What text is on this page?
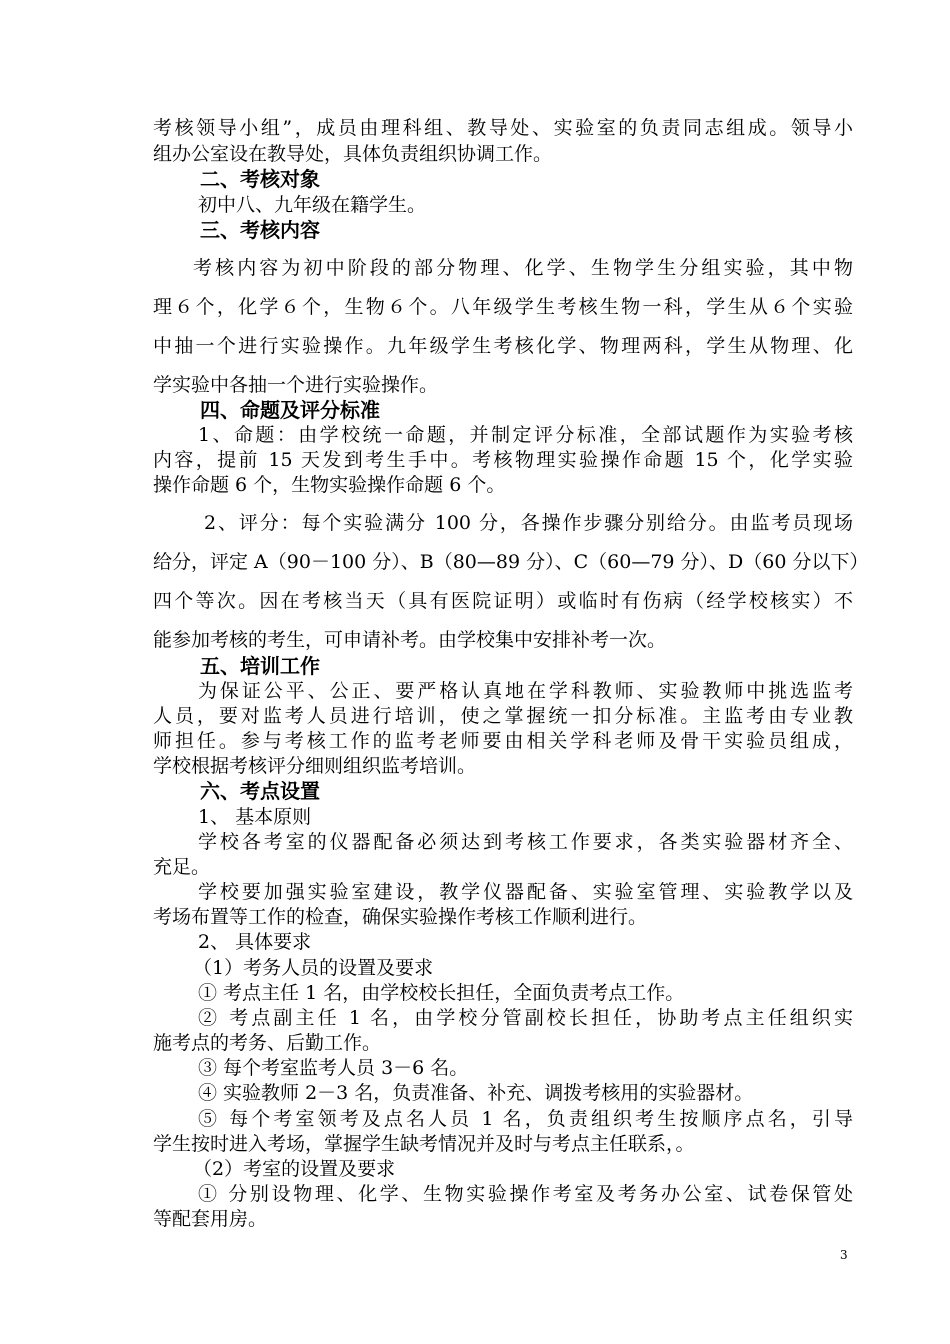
考核领导小组”，成员由理科组、教导处、实验室的负责同志组成。领导小
组办公室设在教导处，具体负责组织协调工作。
二、考核对象
初中八、九年级在籍学生。
三、考核内容
考核内容为初中阶段的部分物理、化学、生物学生分组实验，其中物
理６个，化学６个，生物６个。八年级学生考核生物一科，学生从６个实验
中抽一个进行实验操作。九年级学生考核化学、物理两科，学生从物理、化
学实验中各抽一个进行实验操作。
四、命题及评分标准
1、命题：由学校统一命题，并制定评分标准，全部试题作为实验考核
内容，提前 15 天发到考生手中。考核物理实验操作命题 15 个，化学实验
操作命题 6 个，生物实验操作命题 6 个。
2、评分：每个实验满分 100 分，各操作步骤分别给分。由监考员现场
给分，评定 A（90－100 分）、B（80—89 分）、C（60—79 分）、D（60 分以下）
四个等次。因在考核当天（具有医院证明）或临时有伤病（经学校核实）不
能参加考核的考生，可申请补考。由学校集中安排补考一次。
五、培训工作
为保证公平、公正、要严格认真地在学科教师、实验教师中挑选监考
人员，要对监考人员进行培训，使之掌握统一扣分标准。主监考由专业教
师担任。参与考核工作的监考老师要由相关学科老师及骨干实验员组成，
学校根据考核评分细则组织监考培训。
六、考点设置
1、 基本原则
学校各考室的仪器配备必须达到考核工作要求，各类实验器材齐全、
充足。
学校要加强实验室建设，教学仪器配备、实验室管理、实验教学以及
考场布置等工作的检查，确保实验操作考核工作顺利进行。
2、 具体要求
（1）考务人员的设置及要求
① 考点主任 1 名，由学校校长担任，全面负责考点工作。
② 考点副主任 1 名，由学校分管副校长担任，协助考点主任组织实
施考点的考务、后勤工作。
③ 每个考室监考人员 3－6 名。
④ 实验教师 2－3 名，负责准备、补充、调拨考核用的实验器材。
⑤ 每个考室领考及点名人员 1 名，负责组织考生按顺序点名，引导
学生按时进入考场，掌握学生缺考情况并及时与考点主任联系，。
（2）考室的设置及要求
① 分别设物理、化学、生物实验操作考室及考务办公室、试卷保管处
等配套用房。
3
